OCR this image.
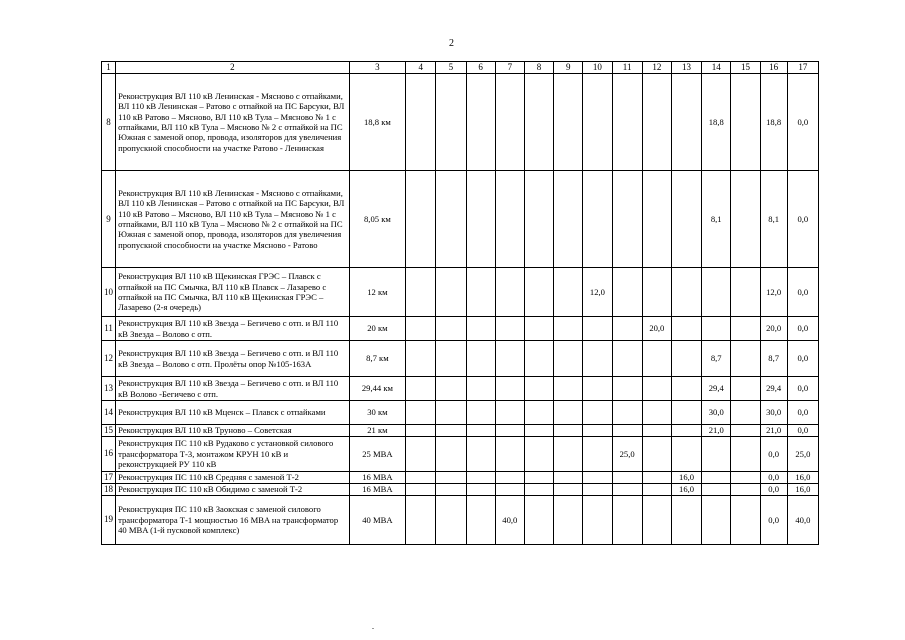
2
1	2	3	4	5	6	7	8	9	10	11	12	13	14	15	16	17
8	Реконструкция ВЛ 110 кВ Ленинская - Мясново с отпайками, ВЛ 110 кВ Ленинская – Ратово с отпайкой на ПС Барсуки, ВЛ 110 кВ Ратово – Мясново, ВЛ 110 кВ Тула – Мясново № 1 с отпайками, ВЛ 110 кВ Тула – Мясново № 2 с отпайкой на ПС Южная с заменой опор, провода, изоляторов для увеличения пропускной способности на участке Ратово - Ленинская	18,8 км											18,8		18,8	0,0
9	Реконструкция ВЛ 110 кВ Ленинская - Мясново с отпайками, ВЛ 110 кВ Ленинская – Ратово с отпайкой на ПС Барсуки, ВЛ 110 кВ Ратово – Мясново, ВЛ 110 кВ Тула – Мясново № 1 с отпайками, ВЛ 110 кВ Тула – Мясново № 2 с отпайкой на ПС Южная с заменой опор, провода, изоляторов для увеличения пропускной способности на участке Мясново - Ратово	8,05 км											8,1		8,1	0,0
10	Реконструкция ВЛ 110 кВ Щекинская ГРЭС – Плавск с отпайкой на ПС Смычка, ВЛ 110 кВ Плавск – Лазарево с отпайкой на ПС Смычка, ВЛ 110 кВ Щекинская ГРЭС – Лазарево (2-я очередь)	12 км							12,0						12,0	0,0
11	Реконструкция ВЛ 110 кВ Звезда – Бегичево с отп. и ВЛ 110 кВ Звезда – Волово с отп.	20 км									20,0				20,0	0,0
12	Реконструкция ВЛ 110 кВ Звезда – Бегичево с отп. и ВЛ 110 кВ Звезда – Волово с отп. Пролёты опор №105-163А	8,7 км											8,7		8,7	0,0
13	Реконструкция ВЛ 110 кВ Звезда – Бегичево с отп. и ВЛ 110 кВ Волово -Бегичево с отп.	29,44 км											29,4		29,4	0,0
14	Реконструкция ВЛ 110 кВ Мценск – Плавск с отпайками	30 км											30,0		30,0	0,0
15	Реконструкция ВЛ 110 кВ Труново – Советская	21 км											21,0		21,0	0,0
16	Реконструкция ПС 110 кВ Рудаково с установкой силового трансформатора Т-3, монтажом КРУН 10 кВ и реконструкцией РУ 110 кВ	25 MBA								25,0					0,0	25,0
17	Реконструкция ПС 110 кВ Средняя с заменой Т-2	16 MBA										16,0			0,0	16,0
18	Реконструкция ПС 110 кВ Обидимо с заменой Т-2	16 MBA										16,0			0,0	16,0
19	Реконструкция ПС 110 кВ Заокская с заменой силового трансформатора Т-1 мощностью 16 MBA на трансформатор 40 MBA (1-й пусковой комплекс)	40 MBA				40,0									0,0	40,0
